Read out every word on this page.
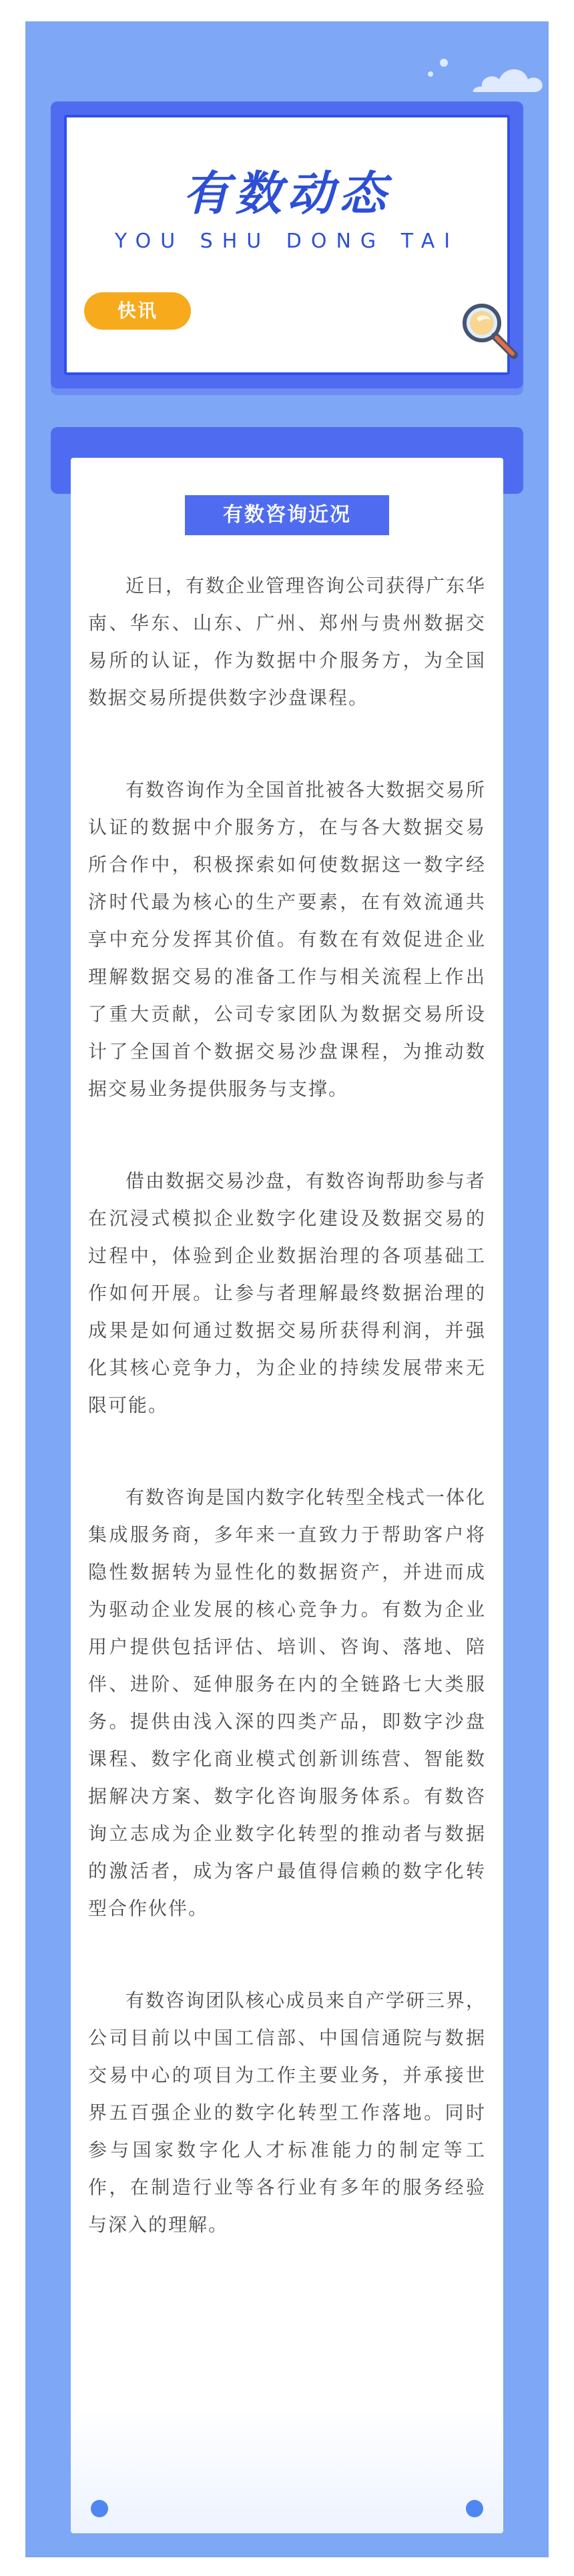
有数动态
YOU SHU DONG TAI
快讯
有数咨询近况

近日，有数企业管理咨询公司获得广东华南、华东、山东、广州、郑州与贵州数据交易所的认证，作为数据中介服务方，为全国数据交易所提供数字沙盘课程。

有数咨询作为全国首批被各大数据交易所认证的数据中介服务方，在与各大数据交易所合作中，积极探索如何使数据这一数字经济时代最为核心的生产要素，在有效流通共享中充分发挥其价值。有数在有效促进企业理解数据交易的准备工作与相关流程上作出了重大贡献，公司专家团队为数据交易所设计了全国首个数据交易沙盘课程，为推动数据交易业务提供服务与支撑。

借由数据交易沙盘，有数咨询帮助参与者在沉浸式模拟企业数字化建设及数据交易的过程中，体验到企业数据治理的各项基础工作如何开展。让参与者理解最终数据治理的成果是如何通过数据交易所获得利润，并强化其核心竞争力，为企业的持续发展带来无限可能。

有数咨询是国内数字化转型全栈式一体化集成服务商，多年来一直致力于帮助客户将隐性数据转为显性化的数据资产，并进而成为驱动企业发展的核心竞争力。有数为企业用户提供包括评估、培训、咨询、落地、陪伴、进阶、延伸服务在内的全链路七大类服务。提供由浅入深的四类产品，即数字沙盘课程、数字化商业模式创新训练营、智能数据解决方案、数字化咨询服务体系。有数咨询立志成为企业数字化转型的推动者与数据的激活者，成为客户最值得信赖的数字化转型合作伙伴。

有数咨询团队核心成员来自产学研三界，公司目前以中国工信部、中国信通院与数据交易中心的项目为工作主要业务，并承接世界五百强企业的数字化转型工作落地。同时参与国家数字化人才标准能力的制定等工作，在制造行业等各行业有多年的服务经验与深入的理解。
